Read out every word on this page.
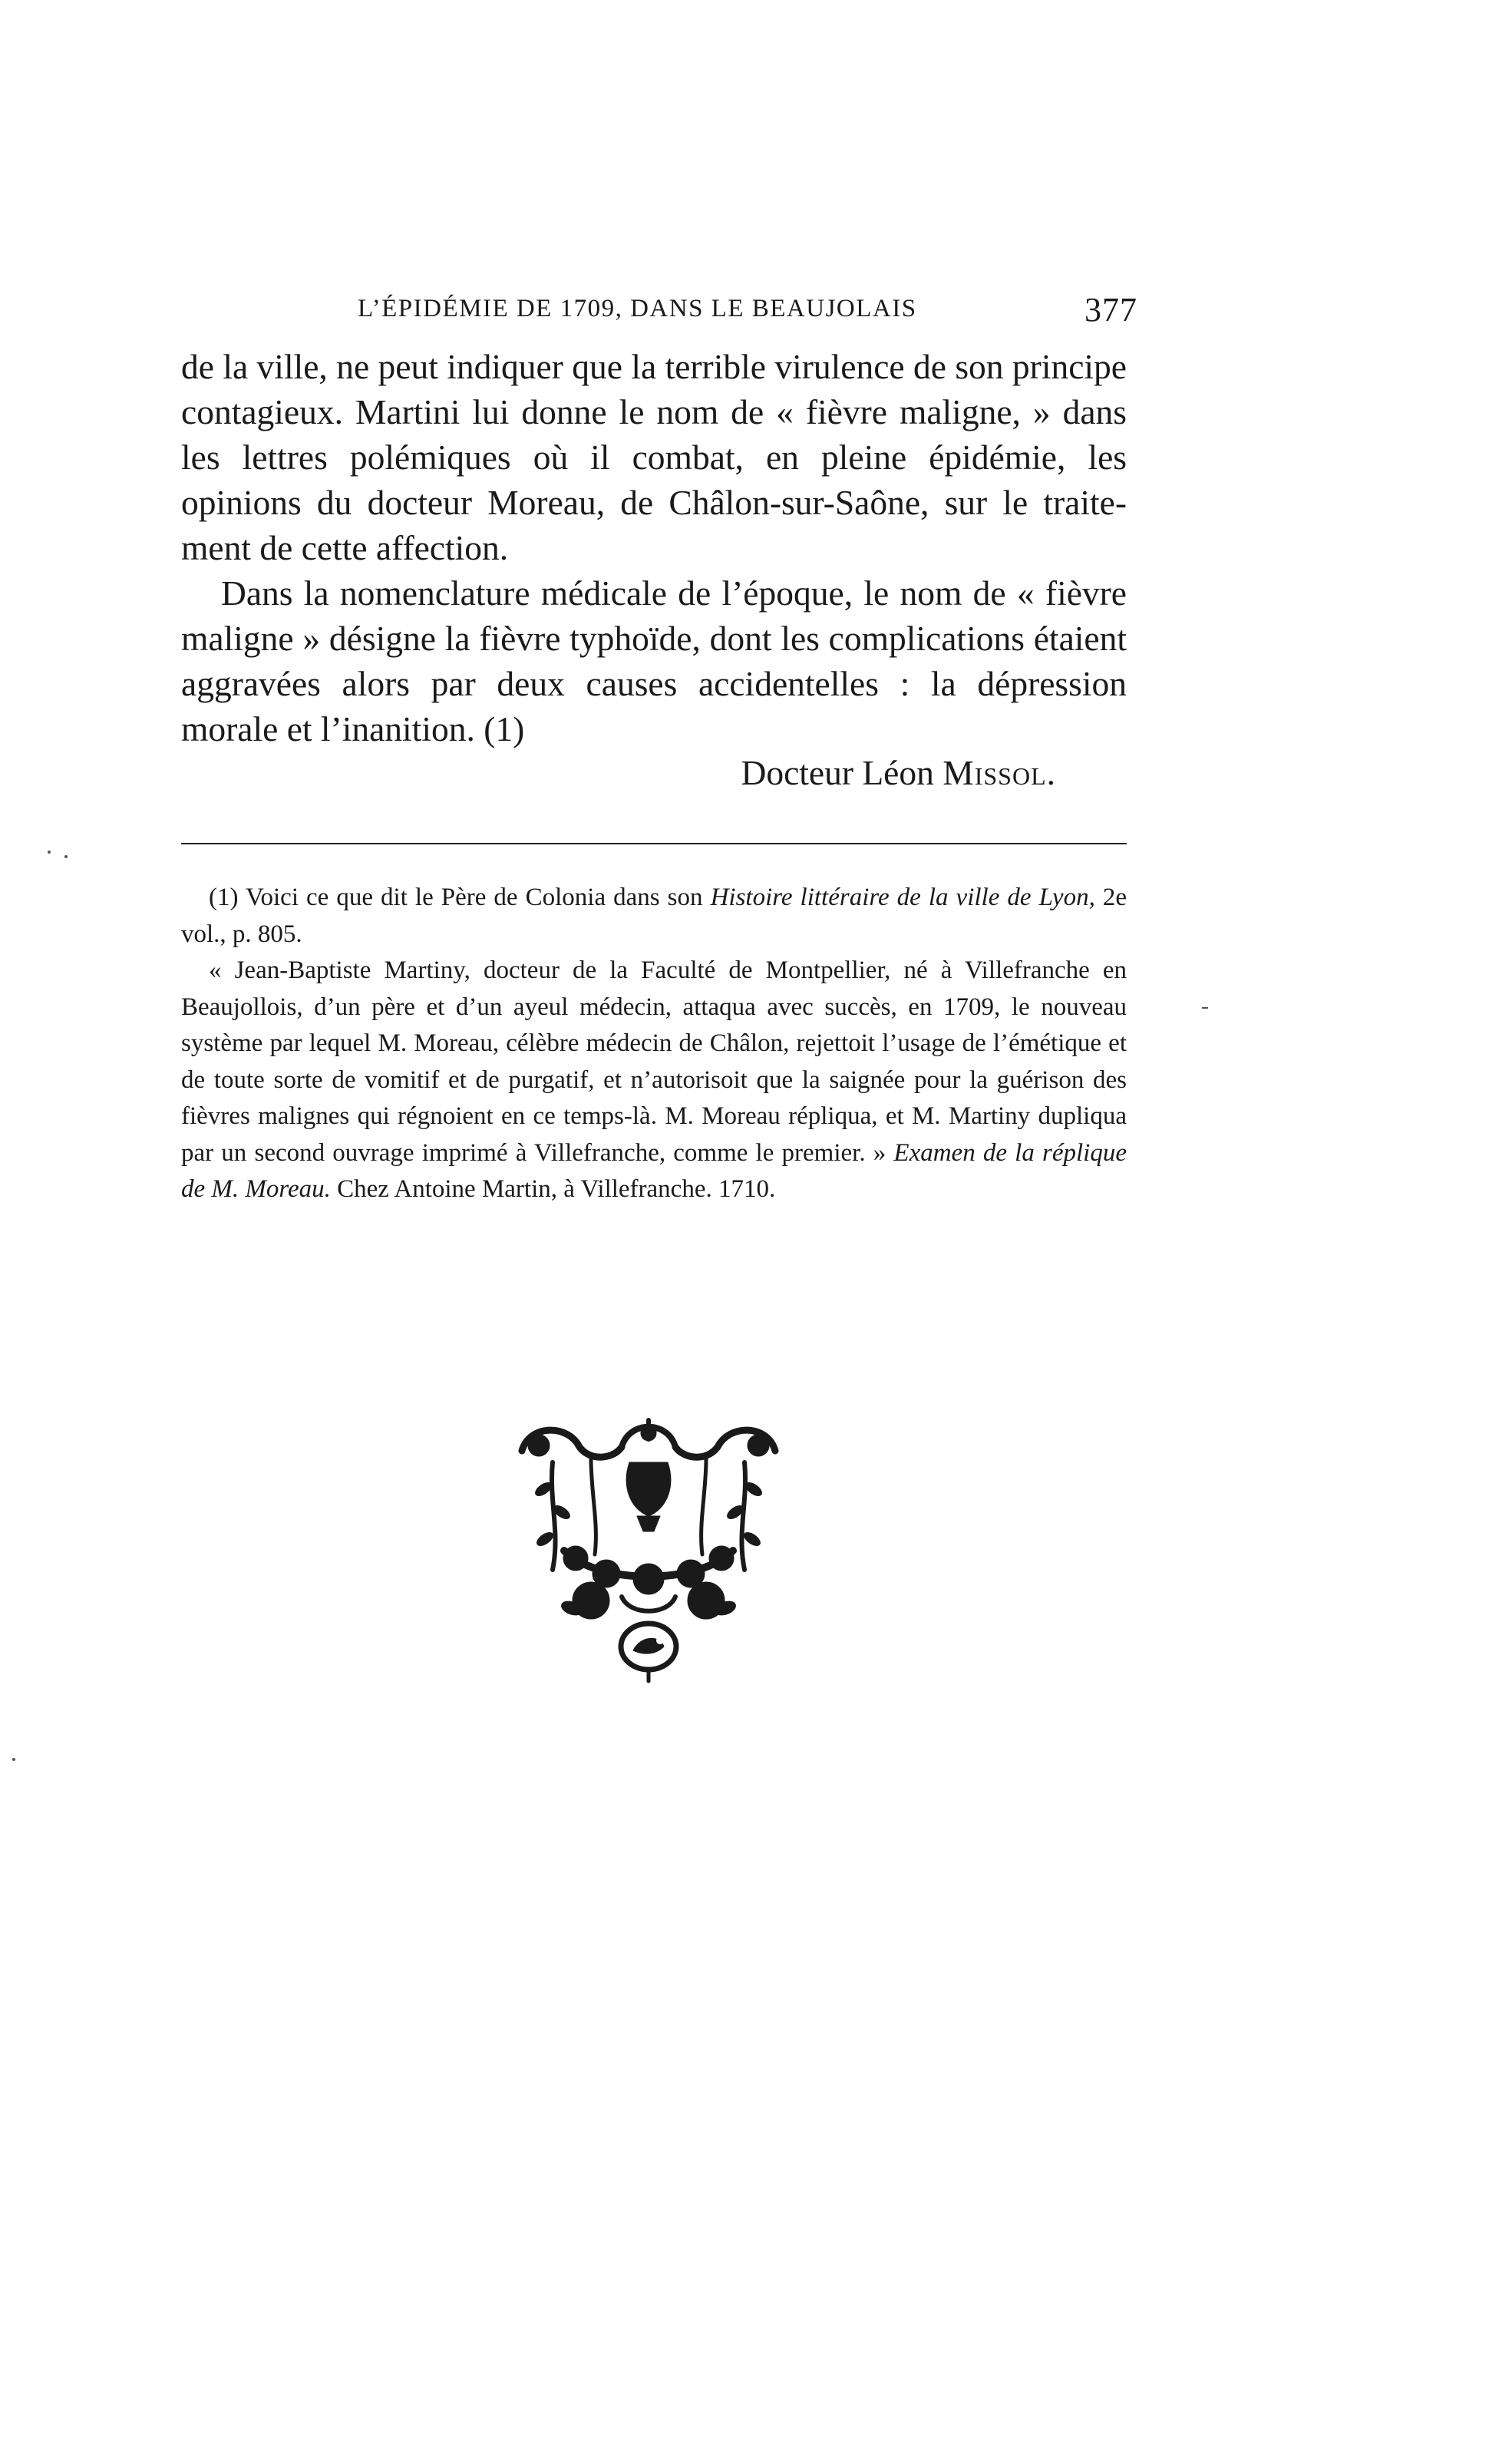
L’ÉPIDÉMIE DE 1709, DANS LE BEAUJOLAIS	377

de la ville, ne peut indiquer que la terrible virulence de son principe contagieux. Martini lui donne le nom de « fièvre maligne, » dans les lettres polémiques où il combat, en pleine épidémie, les opinions du docteur Moreau, de Châlon-sur-Saône, sur le traitement de cette affection.

Dans la nomenclature médicale de l’époque, le nom de « fièvre maligne » désigne la fièvre typhoïde, dont les complications étaient aggravées alors par deux causes accidentelles : la dépression morale et l’inanition. (1)

Docteur Léon Missol.

(1) Voici ce que dit le Père de Colonia dans son Histoire littéraire de la ville de Lyon, 2e vol., p. 805.

« Jean-Baptiste Martiny, docteur de la Faculté de Montpellier, né à Villefranche en Beaujollois, d’un père et d’un ayeul médecin, attaqua avec succès, en 1709, le nouveau système par lequel M. Moreau, célèbre médecin de Châlon, rejettoit l’usage de l’émétique et de toute sorte de vomitif et de purgatif, et n’autorisoit que la saignée pour la guérison des fièvres malignes qui régnoient en ce temps-là. M. Moreau répliqua, et M. Martiny dupliqua par un second ouvrage imprimé à Villefranche, comme le premier. » Examen de la réplique de M. Moreau. Chez Antoine Martin, à Villefranche. 1710.
